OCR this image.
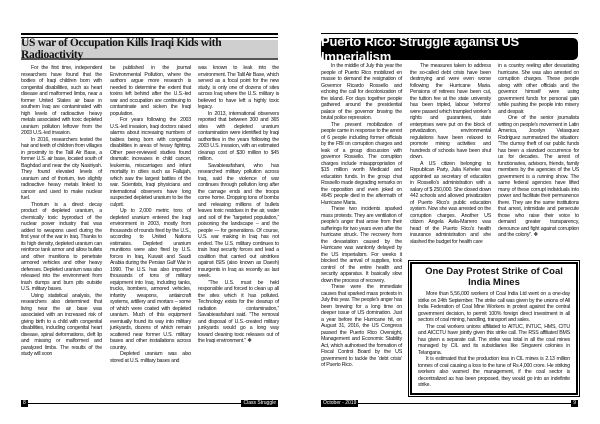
US war of Occupation Kills Iraqi Kids with Radioactivity

For the first time, independent researchers have found that the bodies of Iraqi children born with congenital disabilities, such as heart disease and malformed limbs, near a former United States air base in southern Iraq are contaminated with high levels of radioactive heavy metals associated with toxic depleted uranium pollution leftover from the 2003 U.S.-led invasion.

In 2016, researchers tested the hair and teeth of children from villages in proximity to the Talil Air Base, a former U.S. air base, located south of Baghdad and near the city Nasiriyah. They found elevated levels of uranium and of thorium, two slightly radioactive heavy metals linked to cancer and used to make nuclear fuel.

Thorium is a direct decay product of depleted uranium, a chemically toxic byproduct of the nuclear power industry that was added to weapons used during the first year of the war in Iraq. Thanks to its high density, depleted uranium can reinforce tank armor and allow bullets and other munitions to penetrate armored vehicles and other heavy defenses. Depleted uranium was also released into the environment from trash dumps and burn pits outside U.S. military bases.

Using statistical analysis, the researchers also determined that living near the air base was associated with an increased risk of giving birth to a child with congenital disabilities, including congenital heart disease, spinal deformations, cleft lip and missing or malformed and paralyzed limbs. The results of the study will soon

be published in the journal Environmental Pollution, where the authors argue more research is needed to determine the extent that toxins left behind after the U.S.-led war and occupation are continuing to contaminate and sicken the Iraqi population.

For years following the 2003 U.S.-led invasion, Iraqi doctors raised alarms about increasing numbers of babies being born with congenital disabilities in areas of heavy fighting. Other peer-reviewed studies found dramatic increases in child cancer, leukemia, miscarriages and infant mortality in cities such as Fallujah, which saw the largest battles of the war. Scientists, Iraqi physicians and international observers have long suspected depleted uranium to be the culprit.

Up to 2,000 metric tons of depleted uranium entered the Iraqi environment in 2003, mostly from thousands of rounds fired by the U.S., according to United Nations estimates. Depleted uranium munitions were also fired by U.S. forces in Iraq, Kuwait and Saudi Arabia during the Persian Gulf War in 1990. The U.S. has also imported thousands of tons of military equipment into Iraq, including tanks, trucks, bombers, armored vehicles, infantry weapons, antiaircraft systems, artillery and mortars – some of which were coated with depleted uranium. Much of this equipment eventually found its way into military junkyards, dozens of which remain scattered near former U.S. military bases and other installations across country.

Depleted uranium was also stored at U.S. military bases and

was known to leak into the environment. The Talil Air Base, which served as a focal point for the new study, is only one of dozens of sites across Iraq where the U.S. military is believed to have left a highly toxic legacy.

In 2013, international observers reported that between 300 and 365 sites with depleted uranium contamination were identified by Iraqi authorities in the years following the 2003 U.S. invasion, with an estimated cleanup cost of $30 million to $45 million.

Savabieasfahani, who has researched military pollution across Iraq, said the violence of war continues through pollution long after the carnage ends and the troops come home. Dropping tons of bombs and releasing millions of bullets leaves toxic residues in the air, water and soil of the “targeted population,” poisoning the landscape – and the people — for generations. Of course, U.S. war making in Iraq has not ended. The U.S. military continues to train Iraqi security forces and lead a coalition that carried out airstrikes against ISIS (also known as Daesh) insurgents in Iraq as recently as last week.

“The U.S. must be held responsible and forced to clean up all the sites which it has polluted. Technology exists for the cleanup of radiation contamination,” Savabieasfahani said. “The removal and disposal of U.S.-created military junkyards would go a long way toward cleaning toxic releases out of the Iraqi environment.” ❖

8	Class Struggle
Puerto Rico: Struggle against US Imperialism

In the middle of July this year the people of Puerto Rico mobilized en masse to demand the resignation of Governor Ricardo Rossello and echoing the call for decolonization of the island. For days together people gathered around the presidential palace of the governor braving the brutal police repression.

The present mobilization of people came in response to the arrest of 6 people including former officials by the FBI on corruption charges and leak of a group discussion with governor Rossello. The corruption charges include misappropriation of $15 million worth Medicaid and education funds. In the group chat Rossello made degrading remarks on the opposition and even joked on 4645 people died in the aftermath of Hurricane Maria.

These two incidents sparked mass protests. They are ventilation of people's anger that arose from their sufferings for two years even after the hurricane struck. The recovery from the devastation caused by the Hurricane was wantonly delayed by the US imperialism. For weeks it blocked the arrival of supplies, took control of the entire health and security apparatus. It basically slow down the process of recovery.

These were the immediate causes that sparked mass protests in July this year. The people's anger has been brewing for a long time on deeper issue of US domination. Just a year before the Hurricane hit, on August 31, 2016, the US Congress passed the Puerto Rico Oversight, Management and Economic Stability Act, which authorised the formation of Fiscal Control Board by the US government to tackle the 'debt crisis' of Puerto Rico.

The measures taken to address the so-called debt crisis have been destroying and were even worse following the Hurricane Maria. Pensions of retirees have been cut, the tuition fee at the state university has been tripled, labour 'reforms' were passed which trampled worker's rights and guarantees, state enterprises were put on the block of privatization, environmental regulations have been relaxed to promote mining activities and hundreds of schools have been shut down.

A US citizen belonging to Republican Party, Julia Keheler was appointed as secretary of education in Rossello's administration with a salary of $ 250,000. She closed down 442 schools and allowed privatization of Puerto Rico's public education system. Now she was arrested on the corruption charges. Another US citizen Angela Avila-Marrero was head of the Puerto Rico's health insurance administration and she slashed the budget for health care

in a country reeling after devastating hurricane. She was also arrested on corruption charges. These people along with other officials and the governor himself were using government funds for personal gain while pushing the people into misery and despair.

One of the senior journalists writing on people's movement in Latin America, Jocelyn Velasquez Rodriguez summarized the situation: “The clumsy theft of our public funds has been a standard occurrence for us for decades. The arrest of functionaries, advisors, friends, family members by the agencies of the US government is a running show. The same federal agencies have lifted many of these corrupt individuals into power and facilitate their permanence there. They are the same institutions that arrest, intimidate and persecute those who raise their voice to demand greater transparency, denounce and fight against corruption and the colony”. ❖

One Day Protest Strike of Coal India Mines

More than 5,56,000 workers of Coal India Ltd went on a one-day strike on 24th September. The strike call was given by the unions of All India Federation of Coal Mine Workers in protest against the central government decision, to permit 100% foreign direct investment in all sectors of coal mining, handling, transport and sales.

The coal workers unions affiliated to AITUC, INTUC, HMS, CITU and AICCTU have jointly given this strike call. The RSS affiliated BMS has given a separate call. The strike was total in all the coal mines managed by CIL and its subsidiaries like Singareni colonies in Telangana.

It is estimated that the production loss in CIL mines is 2.13 million tonnes of coal causing a loss to the tune of Rs.4,000 crore. He striking workers also warned the management, if the coal sector is decentralized as has been proposed, they would go into an indefinite strike.

October - 2019	9
